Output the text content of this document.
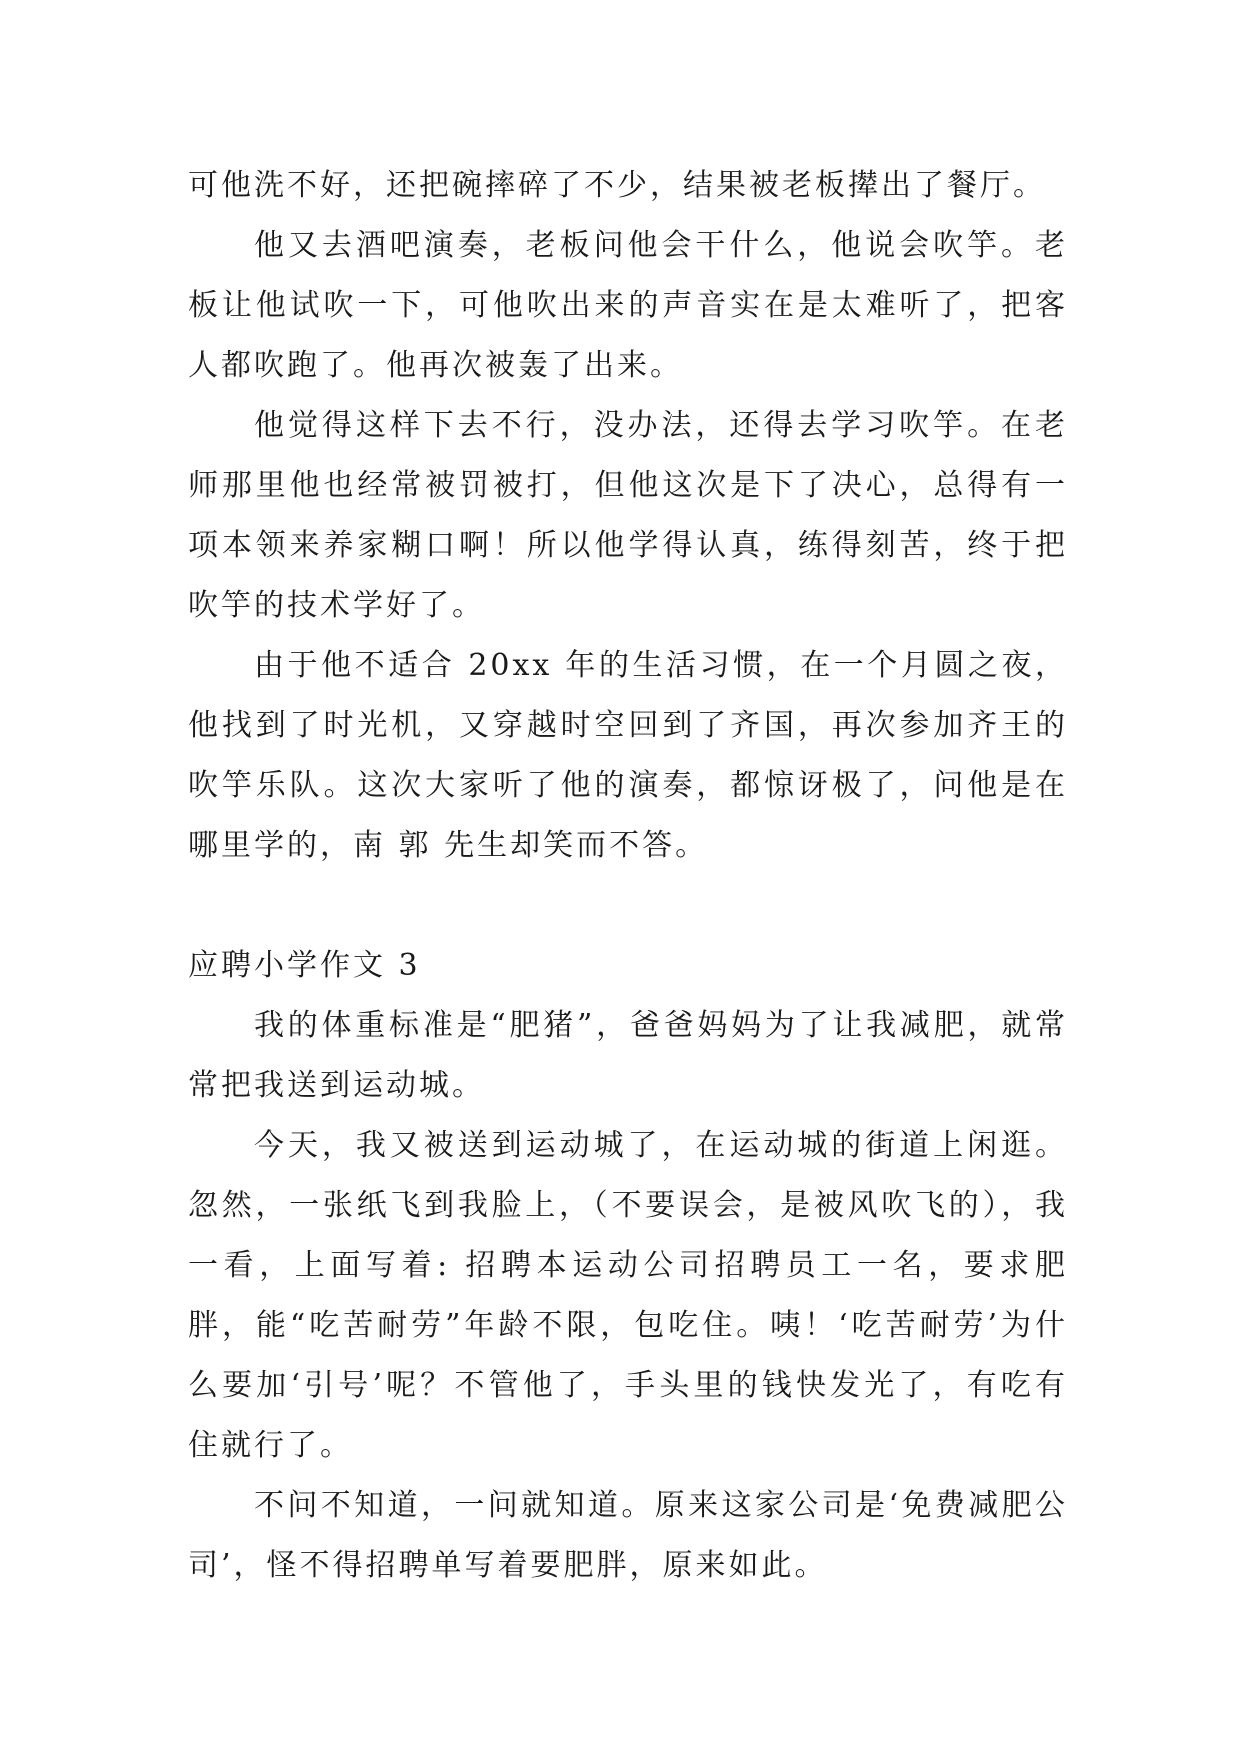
可他洗不好，还把碗摔碎了不少，结果被老板撵出了餐厅。

他又去酒吧演奏，老板问他会干什么，他说会吹竽。老板让他试吹一下，可他吹出来的声音实在是太难听了，把客人都吹跑了。他再次被轰了出来。

他觉得这样下去不行，没办法，还得去学习吹竽。在老师那里他也经常被罚被打，但他这次是下了决心，总得有一项本领来养家糊口啊！所以他学得认真，练得刻苦，终于把吹竽的技术学好了。

由于他不适合 20xx 年的生活习惯，在一个月圆之夜，他找到了时光机，又穿越时空回到了齐国，再次参加齐王的吹竽乐队。这次大家听了他的演奏，都惊讶极了，问他是在哪里学的，南 郭 先生却笑而不答。

应聘小学作文 3

我的体重标准是“肥猪”，爸爸妈妈为了让我减肥，就常常把我送到运动城。

今天，我又被送到运动城了，在运动城的街道上闲逛。忽然，一张纸飞到我脸上，（不要误会，是被风吹飞的），我一看，上面写着: 招聘本运动公司招聘员工一名，要求肥胖，能“吃苦耐劳”年龄不限，包吃住。咦！‘吃苦耐劳’为什么要加‘引号’呢？不管他了，手头里的钱快发光了，有吃有住就行了。

不问不知道，一问就知道。原来这家公司是‘免费减肥公司’，怪不得招聘单写着要肥胖，原来如此。
